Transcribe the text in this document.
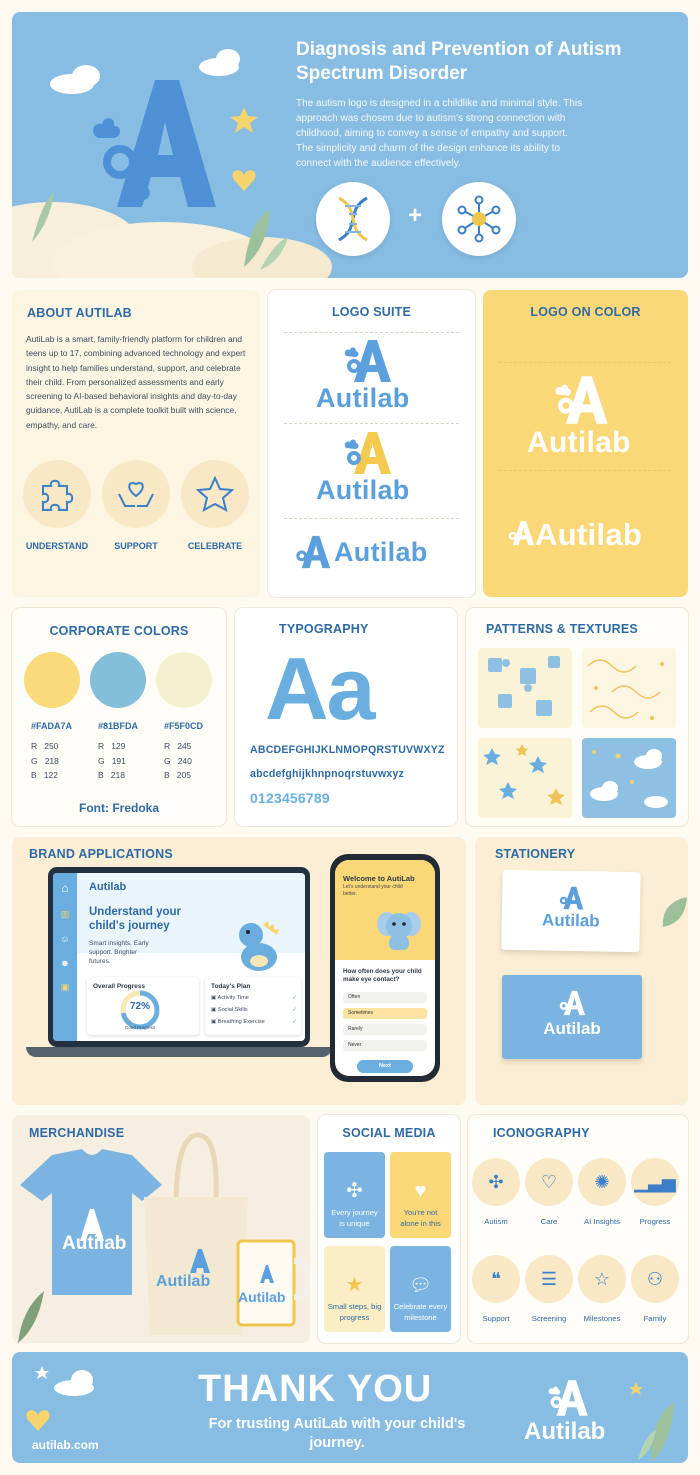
Diagnosis and Prevention of Autism Spectrum Disorder

The autism logo is designed in a childlike and minimal style. This approach was chosen due to autism's strong connection with childhood, aiming to convey a sense of empathy and support. The simplicity and charm of the design enhance its ability to connect with the audience effectively.

+
ABOUT AUTILAB

AutiLab is a smart, family-friendly platform for children and teens up to 17, combining advanced technology and expert insight to help families understand, support, and celebrate their child. From personalized assessments and early screening to AI-based behavioral insights and day-to-day guidance, AutiLab is a complete toolkit built with science, empathy, and care.

UNDERSTAND	SUPPORT	CELEBRATE
LOGO SUITE
Autilab
Autilab
Autilab
LOGO ON COLOR
Autilab
Autilab
CORPORATE COLORS
#FADA7A	#81BFDA	#F5F0CD
R   250
G   218
B   122
R   129
G   191
B   218
R   245
G   240
B   205
Font: Fredoka
TYPOGRAPHY
Aa
ABCDEFGHIJKLNMOPQRSTUVWXYZ
abcdefghijkhnpnoqrstuvwxyz
0123456789
PATTERNS & TEXTURES
BRAND APPLICATIONS
⌂
▥
☺
☻
▣
Autilab
Understand your child's journey
Smart insights. Early support. Brighter futures.
Overall Progress
72%
Good Progress
Today's Plan
▣ Activity Time	✓
▣ Social Skills	✓
▣ Breathing Exercise	✓
Welcome to AutiLab
Let's understand your child better.
How often does your child make eye contact?
Often
Sometimes
Rarely
Never
Next
STATIONERY
Autilab
Autilab
MERCHANDISE
Autilab
Autilab
Autilab
SOCIAL MEDIA
✣
Every journey is unique
♥
You're not alone in this
★
Small steps, big progress
💬︎
Celebrate every milestone
ICONOGRAPHY
✣
Autism
♡
Care
✺
AI Insights
▁▃▅
Progress
❝
Support
☰
Screening
☆
Milestones
⚇
Family
THANK YOU
For trusting AutiLab with your child's journey.
autilab.com	Autilab
